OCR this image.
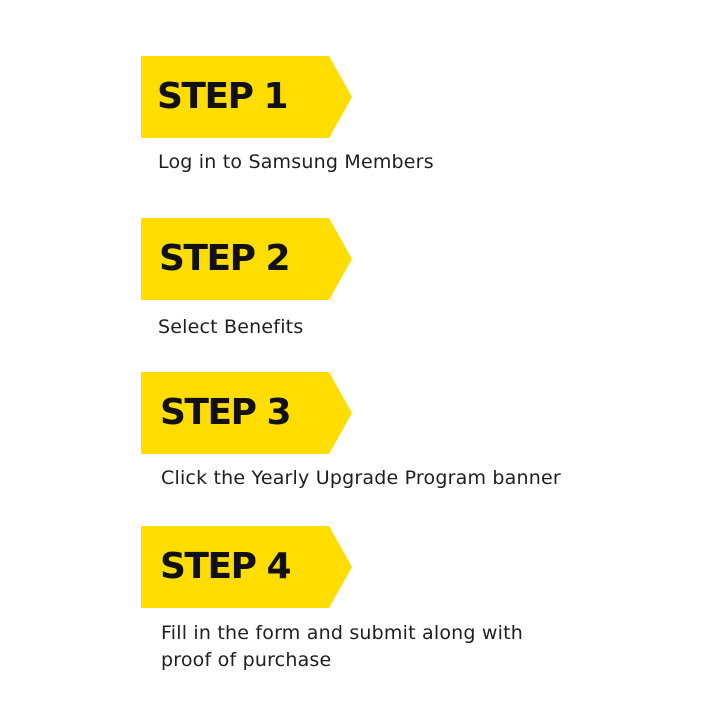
STEP 1
Log in to Samsung Members
STEP 2
Select Benefits
STEP 3
Click the Yearly Upgrade Program banner
STEP 4
Fill in the form and submit along with
proof of purchase
